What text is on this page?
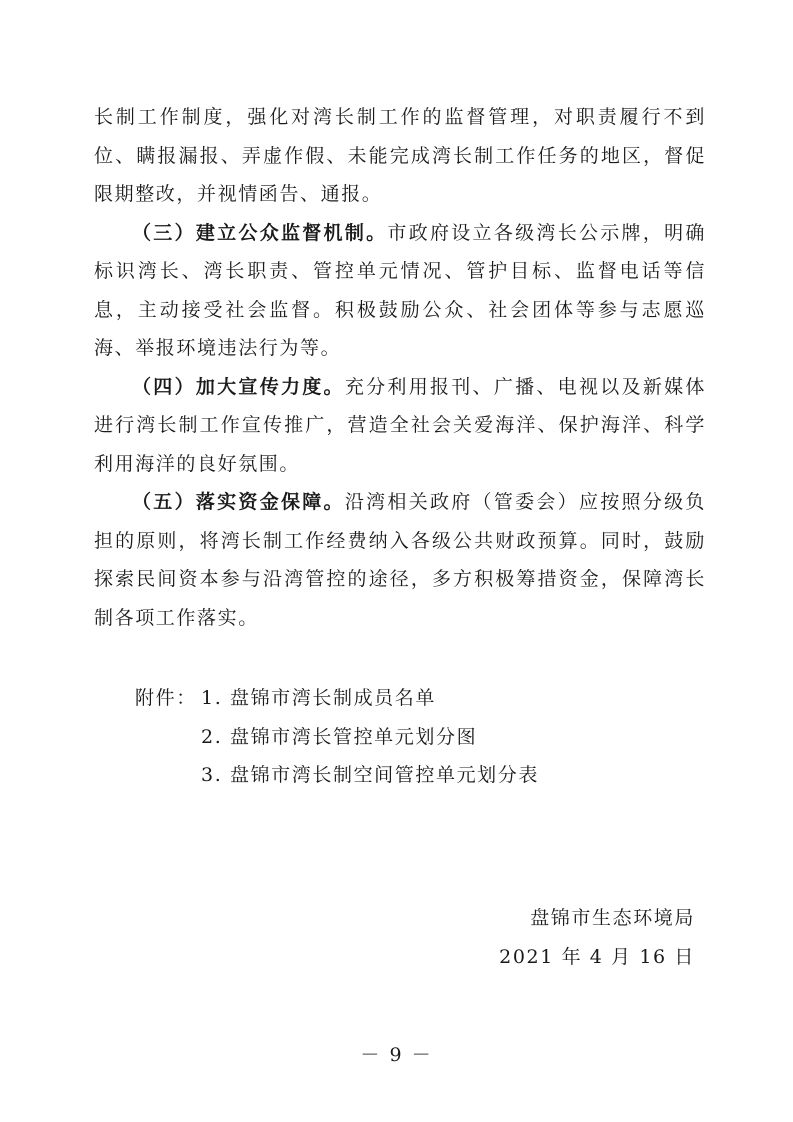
长制工作制度，强化对湾长制工作的监督管理，对职责履行不到位、瞒报漏报、弄虚作假、未能完成湾长制工作任务的地区，督促限期整改，并视情函告、通报。

（三）建立公众监督机制。市政府设立各级湾长公示牌，明确标识湾长、湾长职责、管控单元情况、管护目标、监督电话等信息，主动接受社会监督。积极鼓励公众、社会团体等参与志愿巡海、举报环境违法行为等。

（四）加大宣传力度。充分利用报刊、广播、电视以及新媒体进行湾长制工作宣传推广，营造全社会关爱海洋、保护海洋、科学利用海洋的良好氛围。

（五）落实资金保障。沿湾相关政府（管委会）应按照分级负担的原则，将湾长制工作经费纳入各级公共财政预算。同时，鼓励探索民间资本参与沿湾管控的途径，多方积极筹措资金，保障湾长制各项工作落实。

附件： 1. 盘锦市湾长制成员名单
2. 盘锦市湾长管控单元划分图
3. 盘锦市湾长制空间管控单元划分表
盘锦市生态环境局
2021 年 4 月 16 日
－ 9 －
